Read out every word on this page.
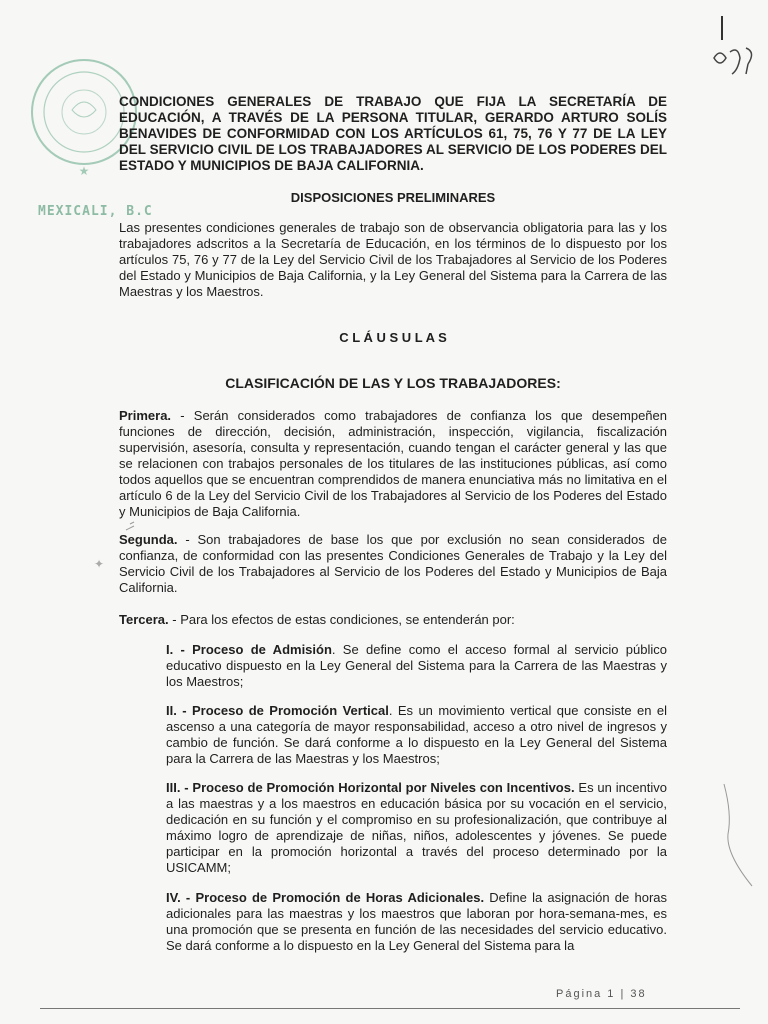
★
MEXICALI, B.C

CONDICIONES GENERALES DE TRABAJO QUE FIJA LA SECRETARÍA DE EDUCACIÓN, A TRAVÉS DE LA PERSONA TITULAR, GERARDO ARTURO SOLÍS BENAVIDES DE CONFORMIDAD CON LOS ARTÍCULOS 61, 75, 76 Y 77 DE LA LEY DEL SERVICIO CIVIL DE LOS TRABAJADORES AL SERVICIO DE LOS PODERES DEL ESTADO Y MUNICIPIOS DE BAJA CALIFORNIA.

DISPOSICIONES PRELIMINARES

Las presentes condiciones generales de trabajo son de observancia obligatoria para las y los trabajadores adscritos a la Secretaría de Educación, en los términos de lo dispuesto por los artículos 75, 76 y 77 de la Ley del Servicio Civil de los Trabajadores al Servicio de los Poderes del Estado y Municipios de Baja California, y la Ley General del Sistema para la Carrera de las Maestras y los Maestros.

C L Á U S U L A S

CLASIFICACIÓN DE LAS Y LOS TRABAJADORES:

Primera. - Serán considerados como trabajadores de confianza los que desempeñen funciones de dirección, decisión, administración, inspección, vigilancia, fiscalización supervisión, asesoría, consulta y representación, cuando tengan el carácter general y las que se relacionen con trabajos personales de los titulares de las instituciones públicas, así como todos aquellos que se encuentran comprendidos de manera enunciativa más no limitativa en el artículo 6 de la Ley del Servicio Civil de los Trabajadores al Servicio de los Poderes del Estado y Municipios de Baja California.

✦

Segunda. - Son trabajadores de base los que por exclusión no sean considerados de confianza, de conformidad con las presentes Condiciones Generales de Trabajo y la Ley del Servicio Civil de los Trabajadores al Servicio de los Poderes del Estado y Municipios de Baja California.

Tercera. - Para los efectos de estas condiciones, se entenderán por:

I. - Proceso de Admisión. Se define como el acceso formal al servicio público educativo dispuesto en la Ley General del Sistema para la Carrera de las Maestras y los Maestros;

II. - Proceso de Promoción Vertical. Es un movimiento vertical que consiste en el ascenso a una categoría de mayor responsabilidad, acceso a otro nivel de ingresos y cambio de función. Se dará conforme a lo dispuesto en la Ley General del Sistema para la Carrera de las Maestras y los Maestros;

III. - Proceso de Promoción Horizontal por Niveles con Incentivos. Es un incentivo a las maestras y a los maestros en educación básica por su vocación en el servicio, dedicación en su función y el compromiso en su profesionalización, que contribuye al máximo logro de aprendizaje de niñas, niños, adolescentes y jóvenes. Se puede participar en la promoción horizontal a través del proceso determinado por la USICAMM;

IV. - Proceso de Promoción de Horas Adicionales. Define la asignación de horas adicionales para las maestras y los maestros que laboran por hora-semana-mes, es una promoción que se presenta en función de las necesidades del servicio educativo. Se dará conforme a lo dispuesto en la Ley General del Sistema para la

Página 1 | 38
